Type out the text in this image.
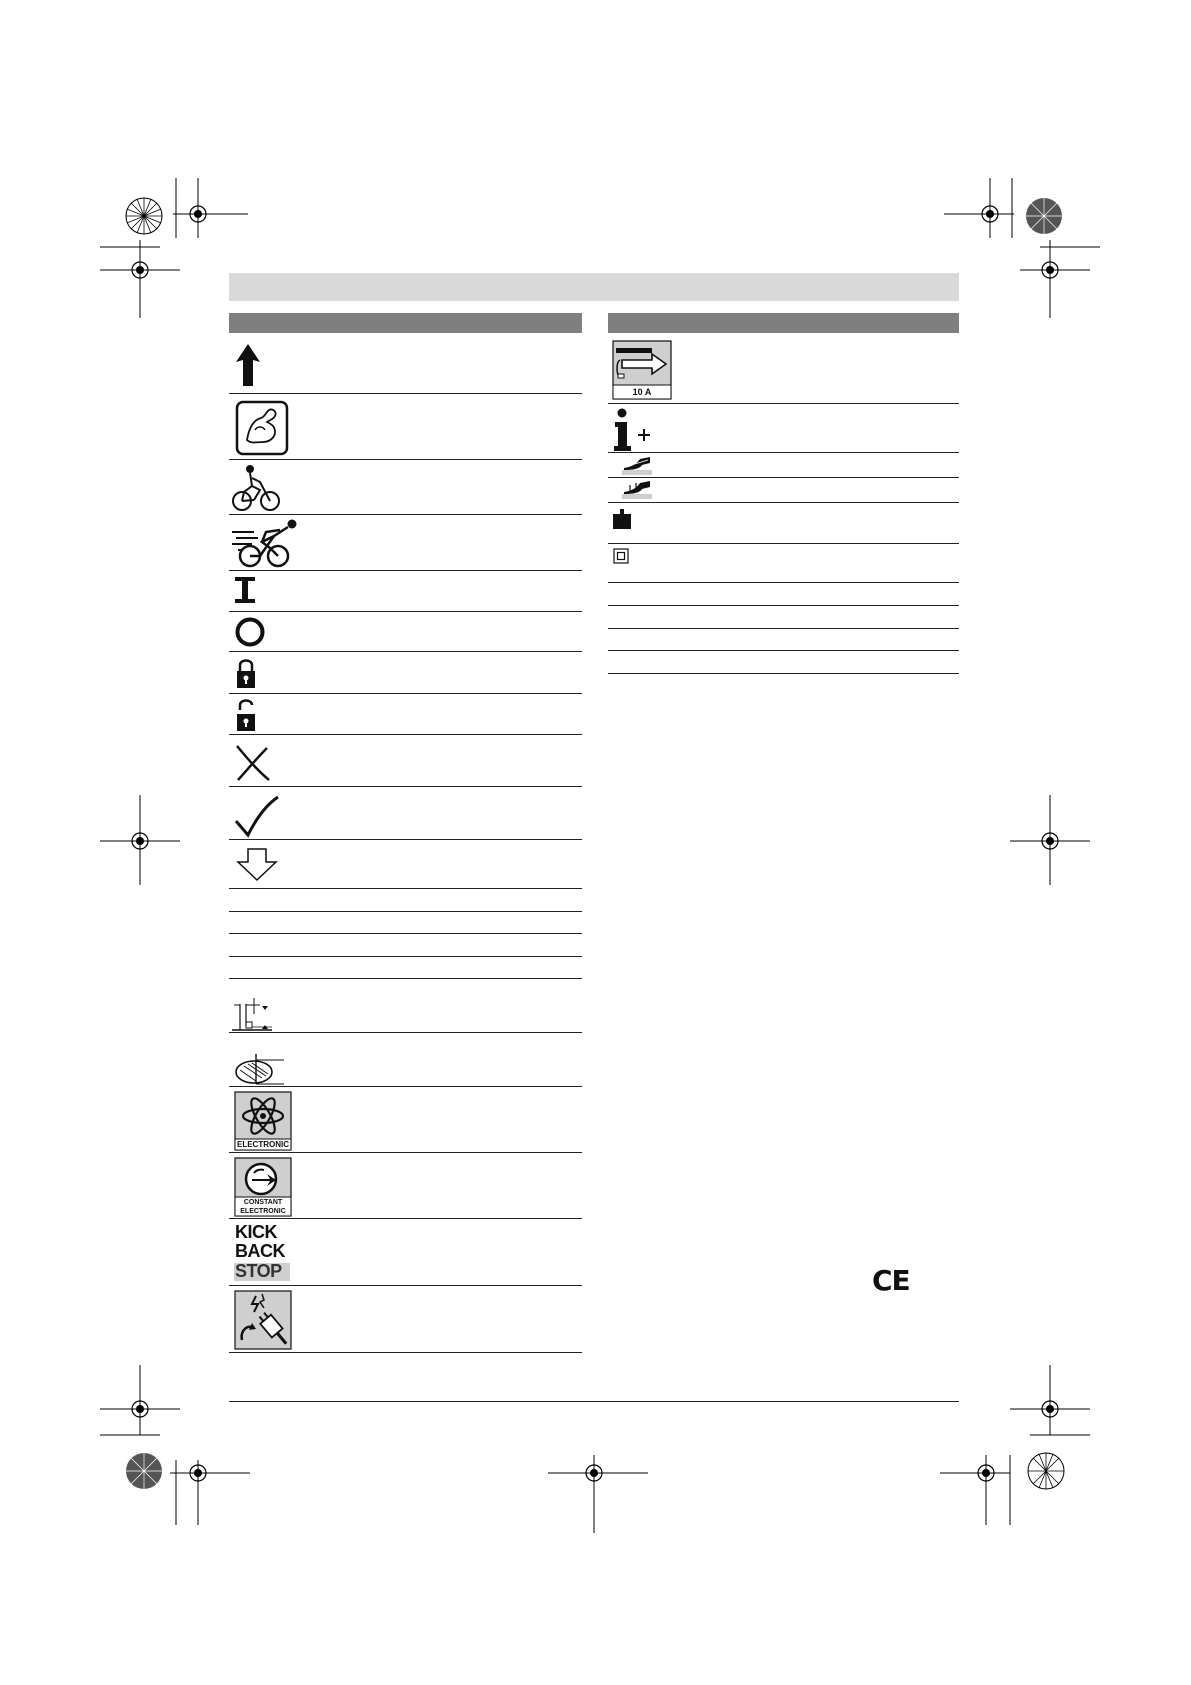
ELECTRONIC
CONSTANT
ELECTRONIC
KICK
BACK
STOP
10 A
CE
